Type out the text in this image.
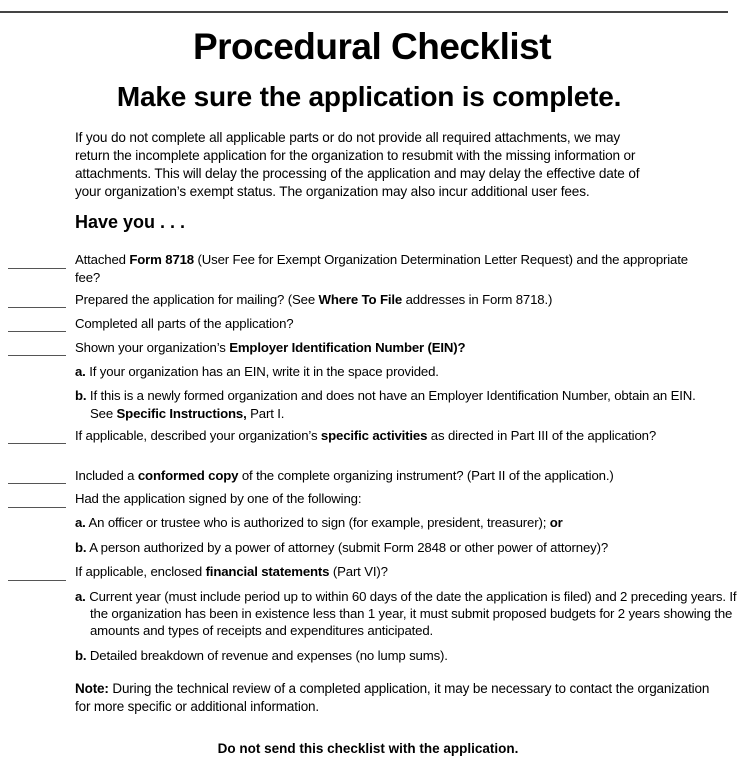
Procedural Checklist
Make sure the application is complete.
If you do not complete all applicable parts or do not provide all required attachments, we may
return the incomplete application for the organization to resubmit with the missing information or
attachments. This will delay the processing of the application and may delay the effective date of
your organization’s exempt status. The organization may also incur additional user fees.
Have you . . .
Attached Form 8718 (User Fee for Exempt Organization Determination Letter Request) and the appropriate
fee?
Prepared the application for mailing? (See Where To File addresses in Form 8718.)
Completed all parts of the application?
Shown your organization’s Employer Identification Number (EIN)?
a. If your organization has an EIN, write it in the space provided.
b. If this is a newly formed organization and does not have an Employer Identification Number, obtain an EIN.
See Specific Instructions, Part I.
If applicable, described your organization’s specific activities as directed in Part III of the application?
Included a conformed copy of the complete organizing instrument? (Part II of the application.)
Had the application signed by one of the following:
a. An officer or trustee who is authorized to sign (for example, president, treasurer); or
b. A person authorized by a power of attorney (submit Form 2848 or other power of attorney)?
If applicable, enclosed financial statements (Part VI)?
a. Current year (must include period up to within 60 days of the date the application is filed) and 2 preceding years. If the organization has been in existence less than 1 year, it must submit proposed budgets for 2 years showing the amounts and types of receipts and expenditures anticipated.
b. Detailed breakdown of revenue and expenses (no lump sums).
Note: During the technical review of a completed application, it may be necessary to contact the organization for more specific or additional information.
Do not send this checklist with the application.
